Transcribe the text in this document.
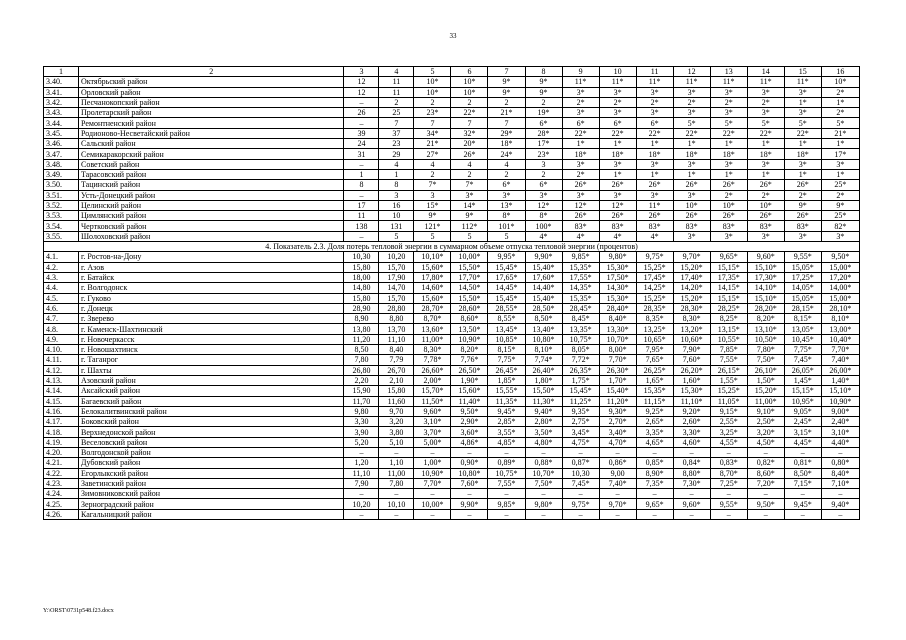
33
1	2	3	4	5	6	7	8	9	10	11	12	13	14	15	16
3.40.	Октябрьский район	12	11	10*	10*	9*	9*	11*	11*	11*	11*	11*	11*	11*	10*
3.41.	Орловский район	12	11	10*	10*	9*	9*	3*	3*	3*	3*	3*	3*	3*	2*
3.42.	Песчанокопский район	–	2	2	2	2	2	2*	2*	2*	2*	2*	2*	1*	1*
3.43.	Пролетарский район	26	25	23*	22*	21*	19*	3*	3*	3*	3*	3*	3*	3*	2*
3.44.	Ремонтненский район	–	7	7	7	7	6*	6*	6*	6*	5*	5*	5*	5*	5*
3.45.	Родионово-Несветайский район	39	37	34*	32*	29*	28*	22*	22*	22*	22*	22*	22*	22*	21*
3.46.	Сальский район	24	23	21*	20*	18*	17*	1*	1*	1*	1*	1*	1*	1*	1*
3.47.	Семикаракорский район	31	29	27*	26*	24*	23*	18*	18*	18*	18*	18*	18*	18*	17*
3.48.	Советский район	–	4	4	4	4	3	3*	3*	3*	3*	3*	3*	3*	3*
3.49.	Тарасовский район	1	1	2	2	2	2	2*	1*	1*	1*	1*	1*	1*	1*
3.50.	Тацинский район	8	8	7*	7*	6*	6*	26*	26*	26*	26*	26*	26*	26*	25*
3.51.	Усть-Донецкий район	–	3	3	3*	3*	3*	3*	3*	3*	3*	2*	2*	2*	2*
3.52.	Целинский район	17	16	15*	14*	13*	12*	12*	12*	11*	10*	10*	10*	9*	9*
3.53.	Цимлянский район	11	10	9*	9*	8*	8*	26*	26*	26*	26*	26*	26*	26*	25*
3.54.	Чертковский район	138	131	121*	112*	101*	100*	83*	83*	83*	83*	83*	83*	83*	82*
3.55.	Шолоховский район	–	5	5	5	5	4*	4*	4*	4*	3*	3*	3*	3*	3*
4. Показатель 2.3. Доля потерь тепловой энергии в суммарном объеме отпуска тепловой энергии (процентов)															
4.1.	г. Ростов-на-Дону	10,30	10,20	10,10*	10,00*	9,95*	9,90*	9,85*	9,80*	9,75*	9,70*	9,65*	9,60*	9,55*	9,50*
4.2.	г. Азов	15,80	15,70	15,60*	15,50*	15,45*	15,40*	15,35*	15,30*	15,25*	15,20*	15,15*	15,10*	15,05*	15,00*
4.3.	г. Батайск	18,00	17,90	17,80*	17,70*	17,65*	17,60*	17,55*	17,50*	17,45*	17,40*	17,35*	17,30*	17,25*	17,20*
4.4.	г. Волгодонск	14,80	14,70	14,60*	14,50*	14,45*	14,40*	14,35*	14,30*	14,25*	14,20*	14,15*	14,10*	14,05*	14,00*
4.5.	г. Гуково	15,80	15,70	15,60*	15,50*	15,45*	15,40*	15,35*	15,30*	15,25*	15,20*	15,15*	15,10*	15,05*	15,00*
4.6.	г. Донецк	28,90	28,80	28,70*	28,60*	28,55*	28,50*	28,45*	28,40*	28,35*	28,30*	28,25*	28,20*	28,15*	28,10*
4.7.	г. Зверево	8,90	8,80	8,70*	8,60*	8,55*	8,50*	8,45*	8,40*	8,35*	8,30*	8,25*	8,20*	8,15*	8,10*
4.8.	г. Каменск-Шахтинский	13,80	13,70	13,60*	13,50*	13,45*	13,40*	13,35*	13,30*	13,25*	13,20*	13,15*	13,10*	13,05*	13,00*
4.9.	г. Новочеркасск	11,20	11,10	11,00*	10,90*	10,85*	10,80*	10,75*	10,70*	10,65*	10,60*	10,55*	10,50*	10,45*	10,40*
4.10.	г. Новошахтинск	8,50	8,40	8,30*	8,20*	8,15*	8,10*	8,05*	8,00*	7,95*	7,90*	7,85*	7,80*	7,75*	7,70*
4.11.	г. Таганрог	7,80	7,79	7,78*	7,76*	7,75*	7,74*	7,72*	7,70*	7,65*	7,60*	7,55*	7,50*	7,45*	7,40*
4.12.	г. Шахты	26,80	26,70	26,60*	26,50*	26,45*	26,40*	26,35*	26,30*	26,25*	26,20*	26,15*	26,10*	26,05*	26,00*
4.13.	Азовский район	2,20	2,10	2,00*	1,90*	1,85*	1,80*	1,75*	1,70*	1,65*	1,60*	1,55*	1,50*	1,45*	1,40*
4.14.	Аксайский район	15,90	15,80	15,70*	15,60*	15,55*	15,50*	15,45*	15,40*	15,35*	15,30*	15,25*	15,20*	15,15*	15,10*
4.15.	Багаевский район	11,70	11,60	11,50*	11,40*	11,35*	11,30*	11,25*	11,20*	11,15*	11,10*	11,05*	11,00*	10,95*	10,90*
4.16.	Белокалитвинский район	9,80	9,70	9,60*	9,50*	9,45*	9,40*	9,35*	9,30*	9,25*	9,20*	9,15*	9,10*	9,05*	9,00*
4.17.	Боковский район	3,30	3,20	3,10*	2,90*	2,85*	2,80*	2,75*	2,70*	2,65*	2,60*	2,55*	2,50*	2,45*	2,40*
4.18.	Верхнедонской район	3,90	3,80	3,70*	3,60*	3,55*	3,50*	3,45*	3,40*	3,35*	3,30*	3,25*	3,20*	3,15*	3,10*
4.19.	Веселовский район	5,20	5,10	5,00*	4,86*	4,85*	4,80*	4,75*	4,70*	4,65*	4,60*	4,55*	4,50*	4,45*	4,40*
4.20.	Волгодонской район	–	–	–	–	–	–	–	–	–	–	–	–	–	–
4.21.	Дубовский район	1,20	1,10	1,00*	0,90*	0,89*	0,88*	0,87*	0,86*	0,85*	0,84*	0,83*	0,82*	0,81*	0,80*
4.22.	Егорлыкский район	11,10	11,00	10,90*	10,80*	10,75*	10,70*	10,30	9,00	8,90*	8,80*	8,70*	8,60*	8,50*	8,40*
4.23.	Заветинский район	7,90	7,80	7,70*	7,60*	7,55*	7,50*	7,45*	7,40*	7,35*	7,30*	7,25*	7,20*	7,15*	7,10*
4.24.	Зимовниковский район	–	–	–	–	–	–	–	–	–	–	–	–	–	–
4.25.	Зерноградский район	10,20	10,10	10,00*	9,90*	9,85*	9,80*	9,75*	9,70*	9,65*	9,60*	9,55*	9,50*	9,45*	9,40*
4.26.	Кагальницкий район	–	–	–	–	–	–	–	–	–	–	–	–	–	–
Y:\ORST\0731p548.f23.docx
